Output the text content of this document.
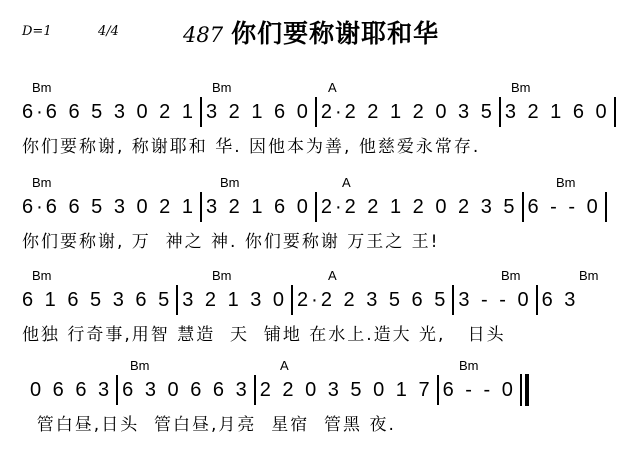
D=1	4/4	487 你们要称谢耶和华
Bm	Bm	A	Bm
6·6 6 5 3 0 2 1 3 2 1 6 0 2·2 2 1 2 0 3 5 3 2 1 6 0
你们要称谢, 称谢耶和 华. 因他本为善, 他慈爱永常存.
Bm	Bm	A	Bm
6·6 6 5 3 0 2 1 3 2 1 6 0 2·2 2 1 2 0 2 3 5 6 - - 0
你们要称谢, 万  神之 神. 你们要称谢 万王之 王!
Bm	Bm	A	Bm	Bm
6 1 6 5 3 6 5 3 2 1 3 0 2·2 2 3 5 6 5 3 - - 0 6 3
他独 行奇事,用智 慧造  天  铺地 在水上.造大 光,   日头
Bm	A	Bm
0 6 6 3 6 3 0 6 6 3 2 2 0 3 5 0 1 7 6 - - 0
管白昼,日头  管白昼,月亮  星宿  管黑 夜.
